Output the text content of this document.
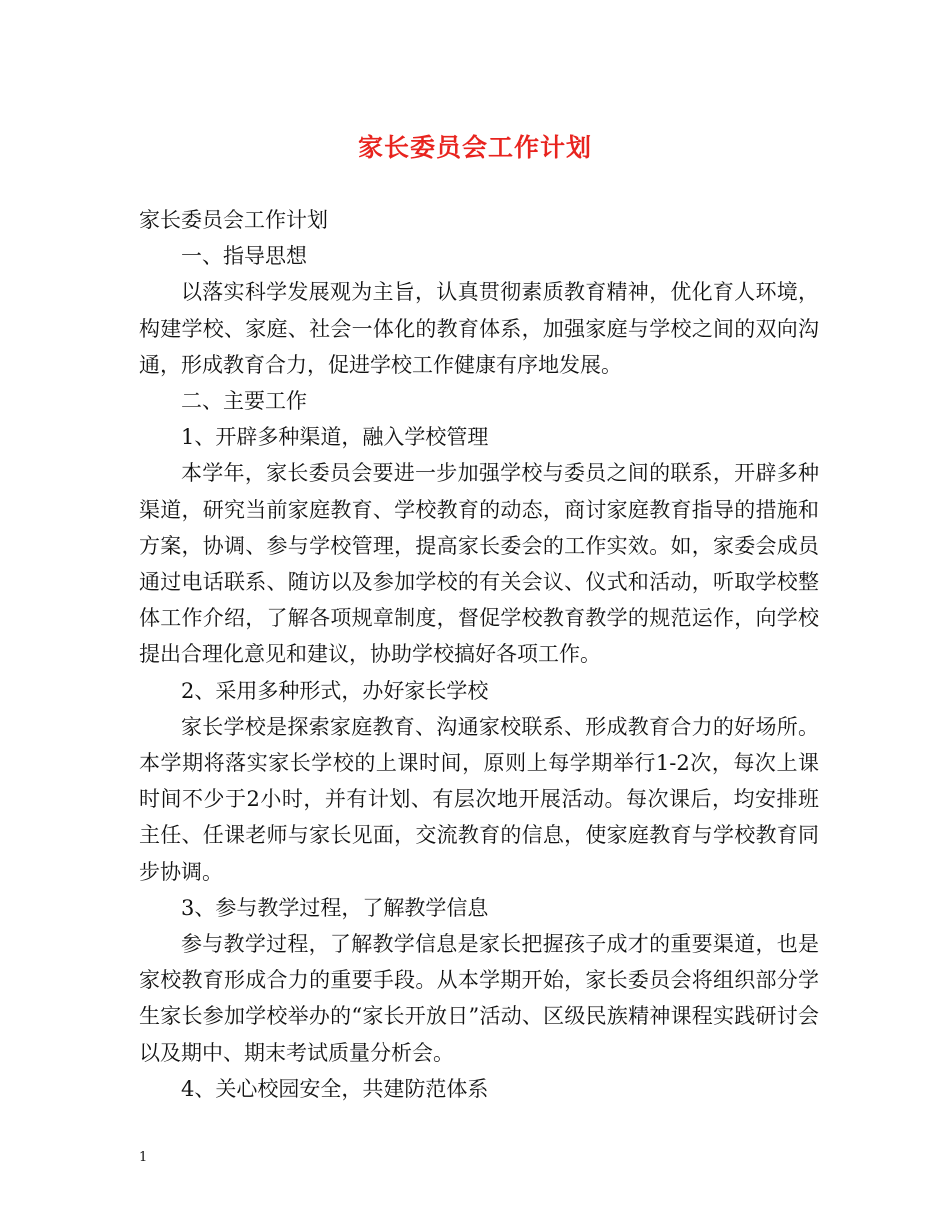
家长委员会工作计划

家长委员会工作计划

一、指导思想

以落实科学发展观为主旨，认真贯彻素质教育精神，优化育人环境，构建学校、家庭、社会一体化的教育体系，加强家庭与学校之间的双向沟通，形成教育合力，促进学校工作健康有序地发展。

二、主要工作

1、开辟多种渠道，融入学校管理

本学年，家长委员会要进一步加强学校与委员之间的联系，开辟多种渠道，研究当前家庭教育、学校教育的动态，商讨家庭教育指导的措施和方案，协调、参与学校管理，提高家长委会的工作实效。如，家委会成员通过电话联系、随访以及参加学校的有关会议、仪式和活动，听取学校整体工作介绍，了解各项规章制度，督促学校教育教学的规范运作，向学校提出合理化意见和建议，协助学校搞好各项工作。

2、采用多种形式，办好家长学校

家长学校是探索家庭教育、沟通家校联系、形成教育合力的好场所。本学期将落实家长学校的上课时间，原则上每学期举行1-2次，每次上课时间不少于2小时，并有计划、有层次地开展活动。每次课后，均安排班主任、任课老师与家长见面，交流教育的信息，使家庭教育与学校教育同步协调。

3、参与教学过程，了解教学信息

参与教学过程，了解教学信息是家长把握孩子成才的重要渠道，也是家校教育形成合力的重要手段。从本学期开始，家长委员会将组织部分学生家长参加学校举办的“家长开放日”活动、区级民族精神课程实践研讨会以及期中、期末考试质量分析会。

4、关心校园安全，共建防范体系

1
